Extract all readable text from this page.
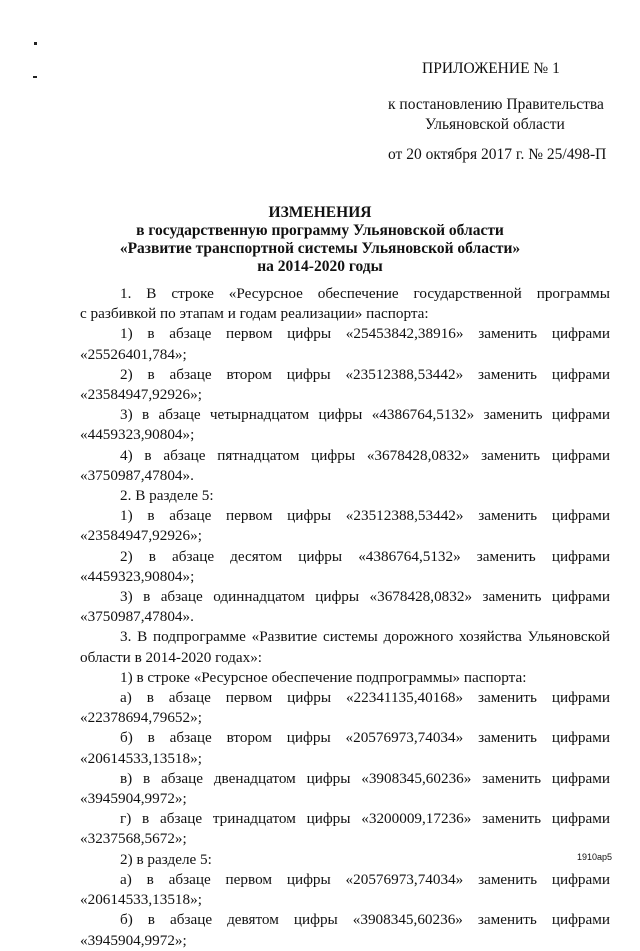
ПРИЛОЖЕНИЕ № 1
к постановлению Правительства
Ульяновской области
от 20 октября 2017 г. № 25/498-П
ИЗМЕНЕНИЯ
в государственную программу Ульяновской области
«Развитие транспортной системы Ульяновской области»
на 2014-2020 годы
1. В строке «Ресурсное обеспечение государственной программы
с разбивкой по этапам и годам реализации» паспорта:
1) в абзаце первом цифры «25453842,38916» заменить цифрами
«25526401,784»;
2) в абзаце втором цифры «23512388,53442» заменить цифрами
«23584947,92926»;
3) в абзаце четырнадцатом цифры «4386764,5132» заменить цифрами
«4459323,90804»;
4) в абзаце пятнадцатом цифры «3678428,0832» заменить цифрами
«3750987,47804».
2. В разделе 5:
1) в абзаце первом цифры «23512388,53442» заменить цифрами
«23584947,92926»;
2) в абзаце десятом цифры «4386764,5132» заменить цифрами
«4459323,90804»;
3) в абзаце одиннадцатом цифры «3678428,0832» заменить цифрами
«3750987,47804».
3. В подпрограмме «Развитие системы дорожного хозяйства Ульяновской
области в 2014-2020 годах»:
1) в строке «Ресурсное обеспечение подпрограммы» паспорта:
а) в абзаце первом цифры «22341135,40168» заменить цифрами
«22378694,79652»;
б) в абзаце втором цифры «20576973,74034» заменить цифрами
«20614533,13518»;
в) в абзаце двенадцатом цифры «3908345,60236» заменить цифрами
«3945904,9972»;
г) в абзаце тринадцатом цифры «3200009,17236» заменить цифрами
«3237568,5672»;
2) в разделе 5:
а) в абзаце первом цифры «20576973,74034» заменить цифрами
«20614533,13518»;
б) в абзаце девятом цифры «3908345,60236» заменить цифрами
«3945904,9972»;
1910ар5
